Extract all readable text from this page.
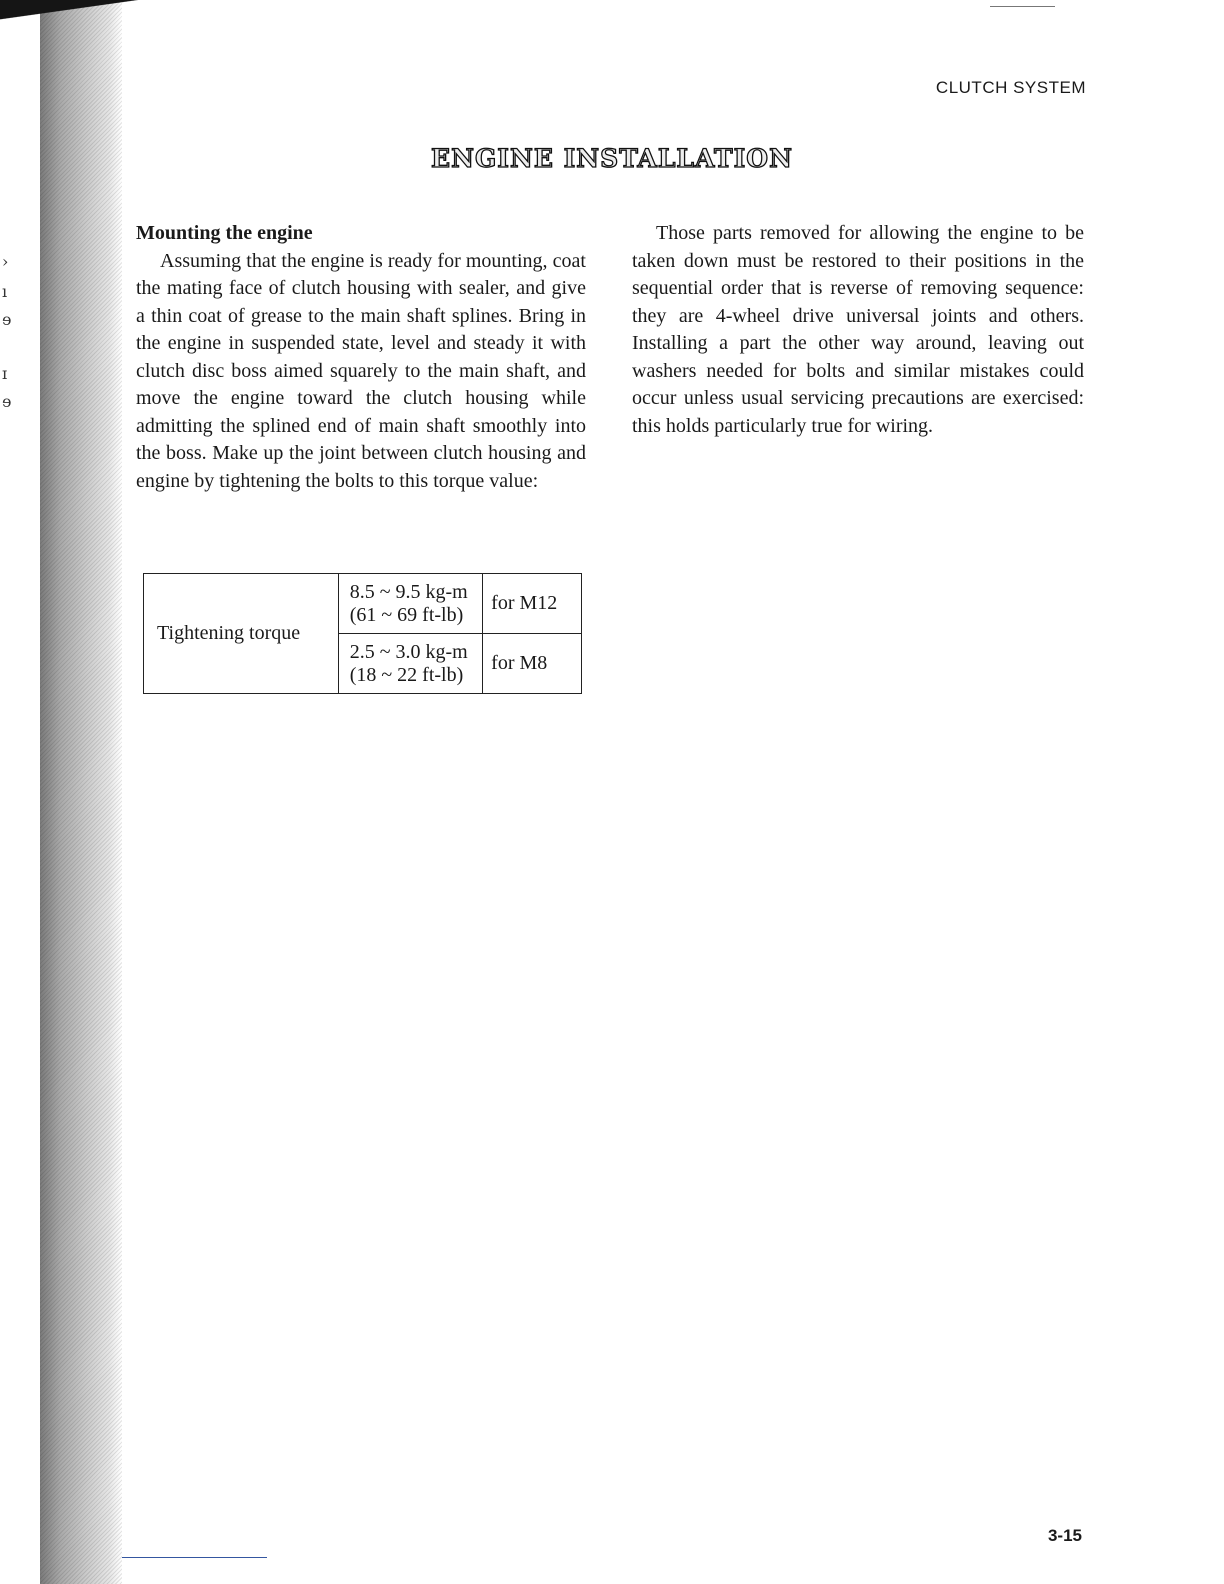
›
ı
ɘ
ɪ
ɘ
CLUTCH SYSTEM
ENGINE INSTALLATION
Mounting the engine

Assuming that the engine is ready for mounting, coat the mating face of clutch housing with sealer, and give a thin coat of grease to the main shaft splines. Bring in the engine in suspended state, level and steady it with clutch disc boss aimed squarely to the main shaft, and move the engine toward the clutch housing while admitting the splined end of main shaft smoothly into the boss. Make up the joint between clutch housing and engine by tightening the bolts to this torque value:

Tightening torque	8.5 ~ 9.5 kg-m
(61 ~ 69 ft-lb)	for M12

	2.5 ~ 3.0 kg-m
(18 ~ 22 ft-lb)	for M8

Those parts removed for allowing the engine to be taken down must be restored to their positions in the sequential order that is reverse of removing sequence: they are 4-wheel drive universal joints and others. Installing a part the other way around, leaving out washers needed for bolts and similar mistakes could occur unless usual servicing precautions are exercised: this holds particularly true for wiring.

3-15
